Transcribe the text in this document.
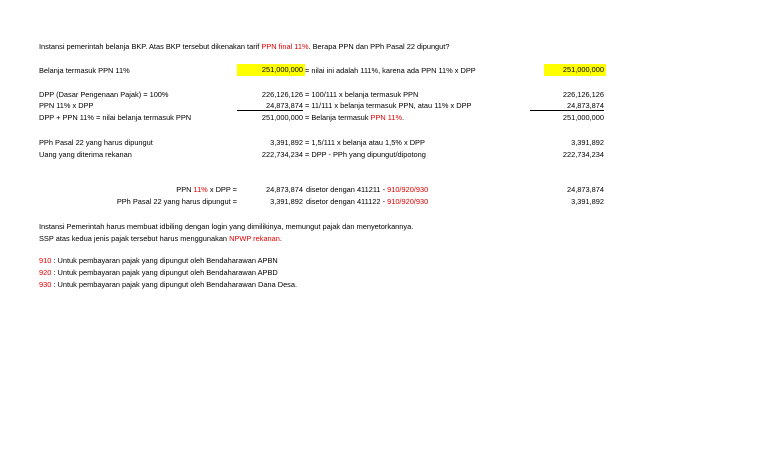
Instansi pemerintah belanja BKP. Atas BKP tersebut dikenakan tarif PPN final 11%. Berapa PPN dan PPh Pasal 22 dipungut?
Belanja termasuk PPN 11%	251,000,000 = nilai ini adalah 111%, karena ada PPN 11% x DPP	251,000,000
DPP (Dasar Pengenaan Pajak) = 100%	226,126,126 = 100/111 x belanja termasuk PPN	226,126,126
PPN 11% x DPP	24,873,874 = 11/111 x belanja termasuk PPN, atau 11% x DPP	24,873,874
DPP + PPN 11% = nilai belanja termasuk PPN	251,000,000 = Belanja termasuk PPN 11%.	251,000,000
PPh Pasal 22 yang harus dipungut	3,391,892 = 1,5/111 x belanja atau 1,5% x DPP	3,391,892
Uang yang diterima rekanan	222,734,234 = DPP - PPh yang dipungut/dipotong	222,734,234
PPN 11% x DPP =	24,873,874 disetor dengan 411211 - 910/920/930	24,873,874
PPh Pasal 22 yang harus dipungut =	3,391,892 disetor dengan 411122 - 910/920/930	3,391,892
Instansi Pemerintah harus membuat idbiling dengan login yang dimilikinya, memungut pajak dan menyetorkannya.
SSP atas kedua jenis pajak tersebut harus menggunakan NPWP rekanan.
910 : Untuk pembayaran pajak yang dipungut oleh Bendaharawan APBN
920 : Untuk pembayaran pajak yang dipungut oleh Bendaharawan APBD
930 : Untuk pembayaran pajak yang dipungut oleh Bendaharawan Dana Desa.
